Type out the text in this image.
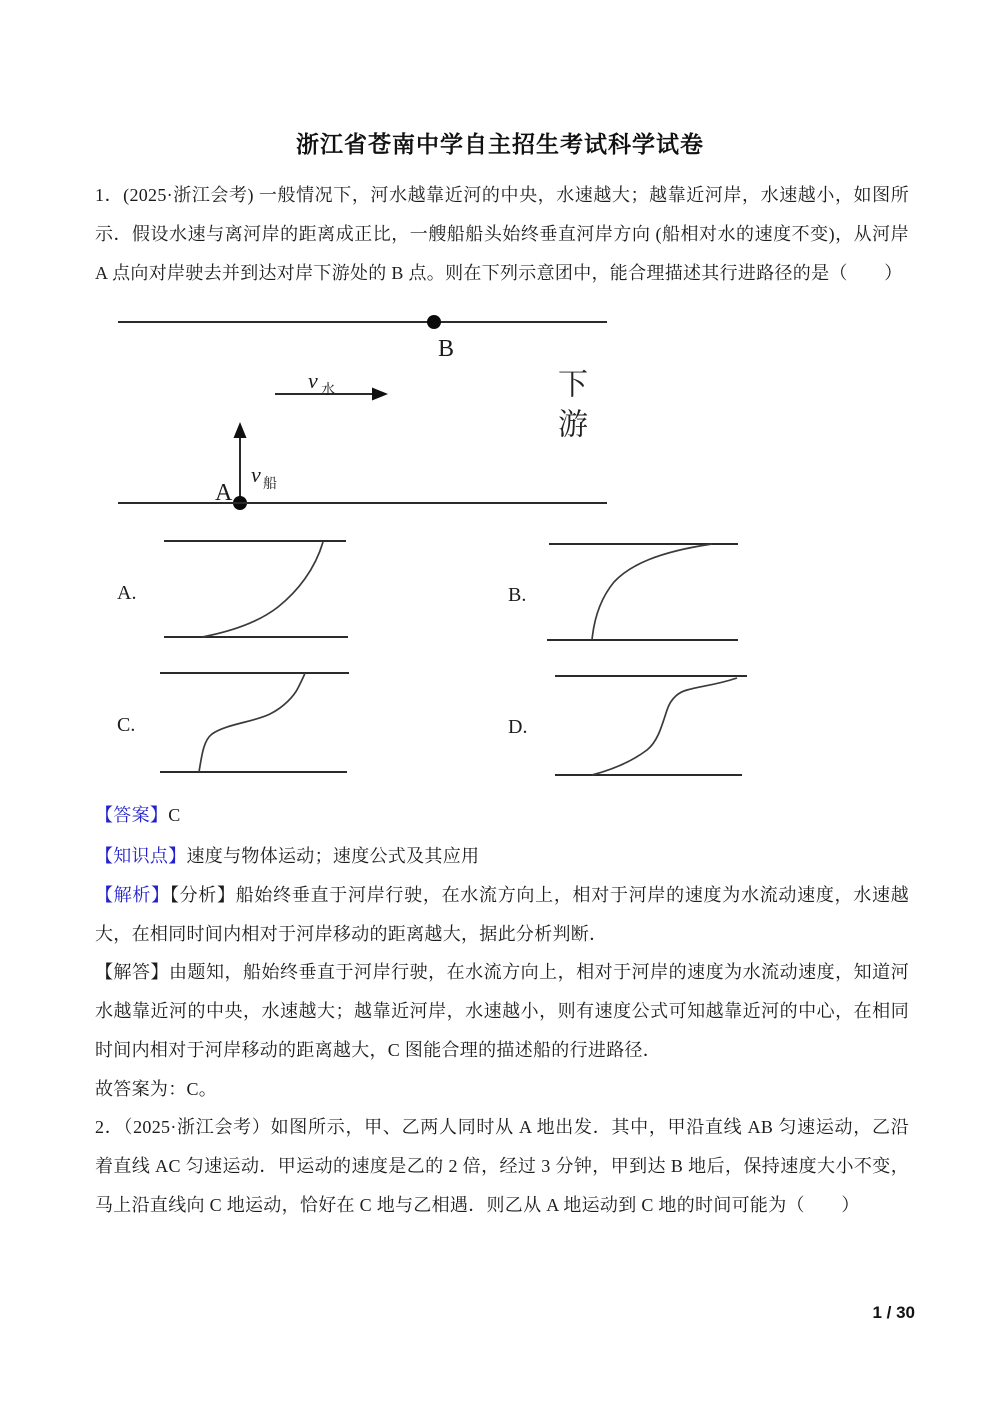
浙江省苍南中学自主招生考试科学试卷
1．(2025·浙江会考) 一般情况下，河水越靠近河的中央，水速越大；越靠近河岸，水速越小，如图所示．假设水速与离河岸的距离成正比，一艘船船头始终垂直河岸方向 (船相对水的速度不变)，从河岸 A 点向对岸驶去并到达对岸下游处的 B 点。则在下列示意团中，能合理描述其行进路径的是（　　）
B
v 水
v 船
A
下游
A.	B.
C.	D.
【答案】C
【知识点】速度与物体运动；速度公式及其应用
【解析】【分析】船始终垂直于河岸行驶，在水流方向上，相对于河岸的速度为水流动速度，水速越大，在相同时间内相对于河岸移动的距离越大，据此分析判断．
【解答】由题知，船始终垂直于河岸行驶，在水流方向上，相对于河岸的速度为水流动速度，知道河水越靠近河的中央，水速越大；越靠近河岸，水速越小，则有速度公式可知越靠近河的中心，在相同时间内相对于河岸移动的距离越大，C 图能合理的描述船的行进路径．
故答案为：C。
2．（2025·浙江会考）如图所示，甲、乙两人同时从 A 地出发．其中，甲沿直线 AB 匀速运动，乙沿着直线 AC 匀速运动．甲运动的速度是乙的 2 倍，经过 3 分钟，甲到达 B 地后，保持速度大小不变，马上沿直线向 C 地运动，恰好在 C 地与乙相遇．则乙从 A 地运动到 C 地的时间可能为（　　）
1 / 30
